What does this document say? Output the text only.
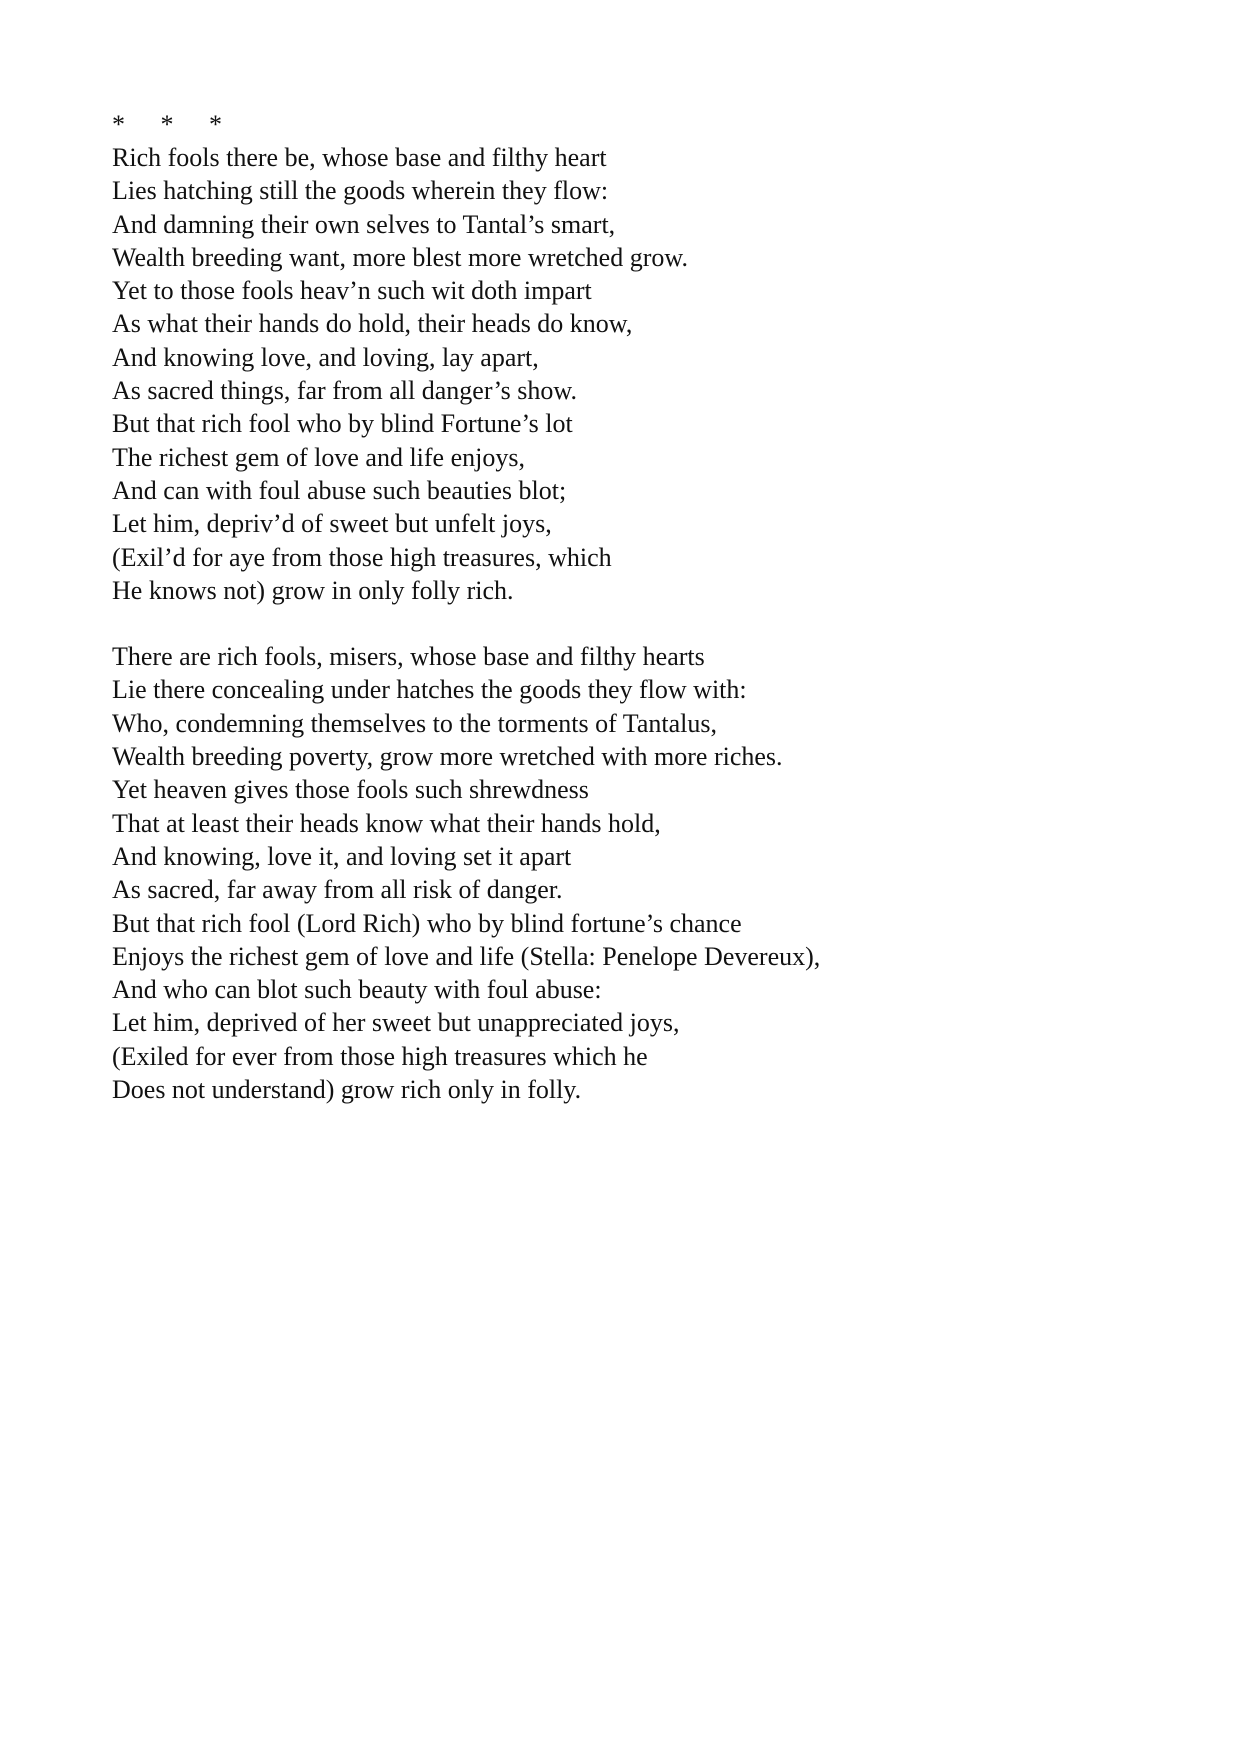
*   *   *
Rich fools there be, whose base and filthy heart
Lies hatching still the goods wherein they flow:
And damning their own selves to Tantal’s smart,
Wealth breeding want, more blest more wretched grow.
Yet to those fools heav’n such wit doth impart
As what their hands do hold, their heads do know,
And knowing love, and loving, lay apart,
As sacred things, far from all danger’s show.
But that rich fool who by blind Fortune’s lot
The richest gem of love and life enjoys,
And can with foul abuse such beauties blot;
Let him, depriv’d of sweet but unfelt joys,
(Exil’d for aye from those high treasures, which
He knows not) grow in only folly rich.
There are rich fools, misers, whose base and filthy hearts
Lie there concealing under hatches the goods they flow with:
Who, condemning themselves to the torments of Tantalus,
Wealth breeding poverty, grow more wretched with more riches.
Yet heaven gives those fools such shrewdness
That at least their heads know what their hands hold,
And knowing, love it, and loving set it apart
As sacred, far away from all risk of danger.
But that rich fool (Lord Rich) who by blind fortune’s chance
Enjoys the richest gem of love and life (Stella: Penelope Devereux),
And who can blot such beauty with foul abuse:
Let him, deprived of her sweet but unappreciated joys,
(Exiled for ever from those high treasures which he
Does not understand) grow rich only in folly.
